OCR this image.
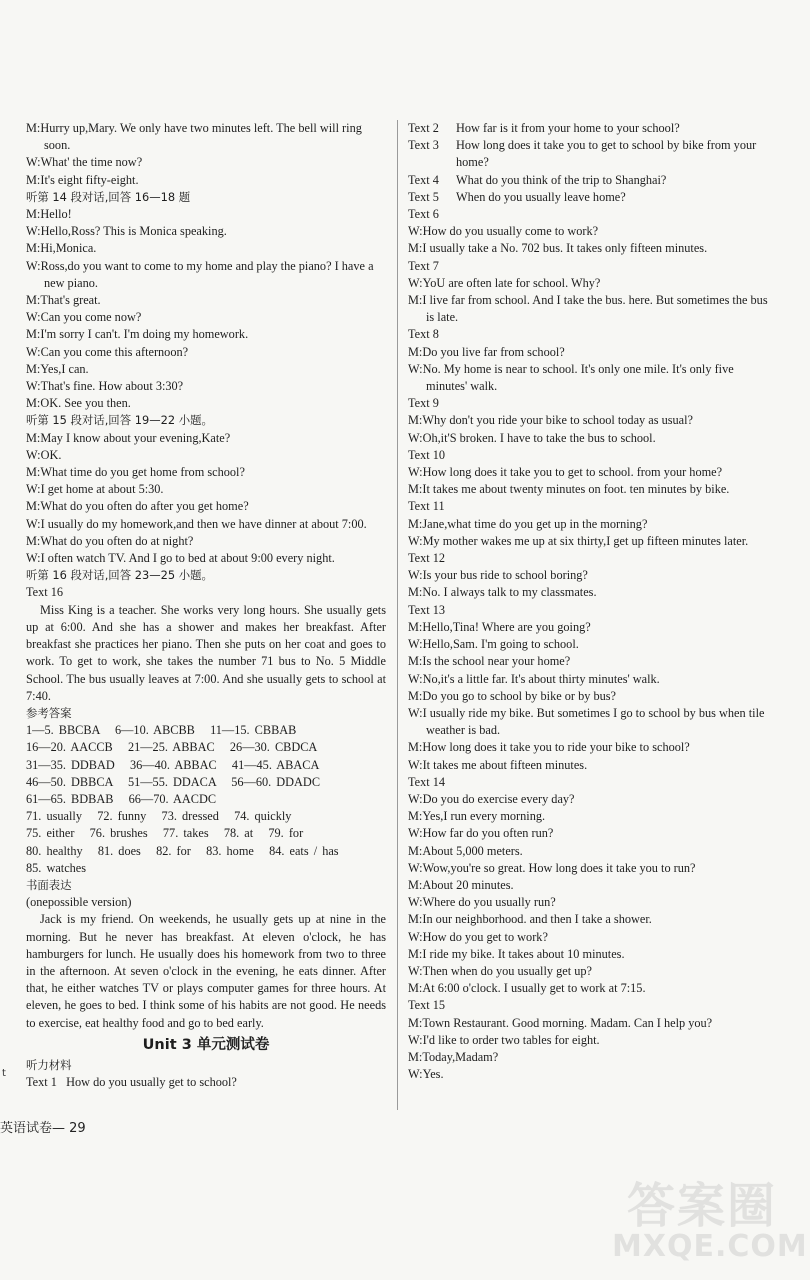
M:Hurry up,Mary. We only have two minutes left. The bell will ring soon.
W:What' the time now?
M:It's eight fifty-eight.
听第 14 段对话,回答 16—18 题
M:Hello!
W:Hello,Ross? This is Monica speaking.
M:Hi,Monica.
W:Ross,do you want to come to my home and play the piano? I have a new piano.
M:That's great.
W:Can you come now?
M:I'm sorry I can't. I'm doing my homework.
W:Can you come this afternoon?
M:Yes,I can.
W:That's fine. How about 3:30?
M:OK. See you then.
听第 15 段对话,回答 19—22 小题。
M:May I know about your evening,Kate?
W:OK.
M:What time do you get home from school?
W:I get home at about 5:30.
M:What do you often do after you get home?
W:I usually do my homework,and then we have dinner at about 7:00.
M:What do you often do at night?
W:I often watch TV. And I go to bed at about 9:00 every night.
听第 16 段对话,回答 23—25 小题。
Text 16
Miss King is a teacher. She works very long hours. She usually gets up at 6:00. And she has a shower and makes her breakfast. After breakfast she practices her piano. Then she puts on her coat and goes to work. To get to work, she takes the number 71 bus to No. 5 Middle School. The bus usually leaves at 7:00. And she usually gets to school at 7:40.
参考答案
1—5. BBCBA   6—10. ABCBB   11—15. CBBAB
16—20. AACCB   21—25. ABBAC   26—30. CBDCA
31—35. DDBAD   36—40. ABBAC   41—45. ABACA
46—50. DBBCA   51—55. DDACA   56—60. DDADC
61—65. BDBAB   66—70. AACDC
71. usually   72. funny   73. dressed   74. quickly
75. either   76. brushes   77. takes   78. at   79. for
80. healthy   81. does   82. for   83. home   84. eats / has
85. watches
书面表达
(onepossible version)
Jack is my friend. On weekends, he usually gets up at nine in the morning. But he never has breakfast. At eleven o'clock, he has hamburgers for lunch. He usually does his homework from two to three in the afternoon. At seven o'clock in the evening, he eats dinner. After that, he either watches TV or plays computer games for three hours. At eleven, he goes to bed. I think some of his habits are not good. He needs to exercise, eat healthy food and go to bed early.
Unit 3 单元测试卷
听力材料
Text 1   How do you usually get to school?
Text 2	How far is it from your home to your school?
Text 3	How long does it take you to get to school by bike from your home?
Text 4	What do you think of the trip to Shanghai?
Text 5	When do you usually leave home?
Text 6
W:How do you usually come to work?
M:I usually take a No. 702 bus. It takes only fifteen minutes.
Text 7
W:YoU are often late for school. Why?
M:I live far from school. And I take the bus. here. But sometimes the bus is late.
Text 8
M:Do you live far from school?
W:No. My home is near to school. It's only one mile. It's only five minutes' walk.
Text 9
M:Why don't you ride your bike to school today as usual?
W:Oh,it'S broken. I have to take the bus to school.
Text 10
W:How long does it take you to get to school. from your home?
M:It takes me about twenty minutes on foot. ten minutes by bike.
Text 11
M:Jane,what time do you get up in the morning?
W:My mother wakes me up at six thirty,I get up fifteen minutes later.
Text 12
W:Is your bus ride to school boring?
M:No. I always talk to my classmates.
Text 13
M:Hello,Tina! Where are you going?
W:Hello,Sam. I'm going to school.
M:Is the school near your home?
W:No,it's a little far. It's about thirty minutes' walk.
M:Do you go to school by bike or by bus?
W:I usually ride my bike. But sometimes I go to school by bus when tile weather is bad.
M:How long does it take you to ride your bike to school?
W:It takes me about fifteen minutes.
Text 14
W:Do you do exercise every day?
M:Yes,I run every morning.
W:How far do you often run?
M:About 5,000 meters.
W:Wow,you're so great. How long does it take you to run?
M:About 20 minutes.
W:Where do you usually run?
M:In our neighborhood. and then I take a shower.
W:How do you get to work?
M:I ride my bike. It takes about 10 minutes.
W:Then when do you usually get up?
M:At 6:00 o'clock. I usually get to work at 7:15.
Text 15
M:Town Restaurant. Good morning. Madam. Can I help you?
W:I'd like to order two tables for eight.
M:Today,Madam?
W:Yes.
英语试卷— 29
t
答案圈
MXQE.COM
